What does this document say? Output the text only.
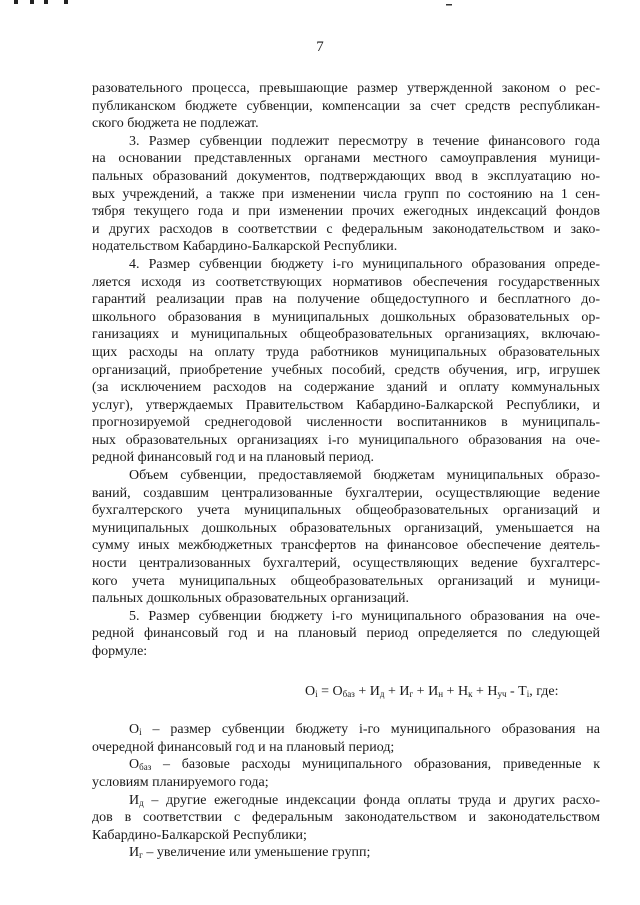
7
разовательного процесса, превышающие размер утвержденной законом о рес-
публиканском бюджете субвенции, компенсации за счет средств республикан-
ского бюджета не подлежат.
3. Размер субвенции подлежит пересмотру в течение финансового года
на основании представленных органами местного самоуправления муници-
пальных образований документов, подтверждающих ввод в эксплуатацию но-
вых учреждений, а также при изменении числа групп по состоянию на 1 сен-
тября текущего года и при изменении прочих ежегодных индексаций фондов
и других расходов в соответствии с федеральным законодательством и зако-
нодательством Кабардино-Балкарской Республики.
4. Размер субвенции бюджету i-го муниципального образования опреде-
ляется исходя из соответствующих нормативов обеспечения государственных
гарантий реализации прав на получение общедоступного и бесплатного до-
школьного образования в муниципальных дошкольных образовательных ор-
ганизациях и муниципальных общеобразовательных организациях, включаю-
щих расходы на оплату труда работников муниципальных образовательных
организаций, приобретение учебных пособий, средств обучения, игр, игрушек
(за исключением расходов на содержание зданий и оплату коммунальных
услуг), утверждаемых Правительством Кабардино-Балкарской Республики, и
прогнозируемой среднегодовой численности воспитанников в муниципаль-
ных образовательных организациях i-го муниципального образования на оче-
редной финансовый год и на плановый период.
Объем субвенции, предоставляемой бюджетам муниципальных образо-
ваний, создавшим централизованные бухгалтерии, осуществляющие ведение
бухгалтерского учета муниципальных общеобразовательных организаций и
муниципальных дошкольных образовательных организаций, уменьшается на
сумму иных межбюджетных трансфертов на финансовое обеспечение деятель-
ности централизованных бухгалтерий, осуществляющих ведение бухгалтерс-
кого учета муниципальных общеобразовательных организаций и муници-
пальных дошкольных образовательных организаций.
5. Размер субвенции бюджету i-го муниципального образования на оче-
редной финансовый год и на плановый период определяется по следующей
формуле:
$O_i = O_{баз} + И_д + И_г + И_н + Н_к + Н_{уч} - Т_i$, где:
$O_i$ – размер субвенции бюджету i-го муниципального образования на
очередной финансовый год и на плановый период;
$O_{баз}$ – базовые расходы муниципального образования, приведенные к
условиям планируемого года;
$И_д$ – другие ежегодные индексации фонда оплаты труда и других расхо-
дов в соответствии с федеральным законодательством и законодательством
Кабардино-Балкарской Республики;
$И_г$ – увеличение или уменьшение групп;
